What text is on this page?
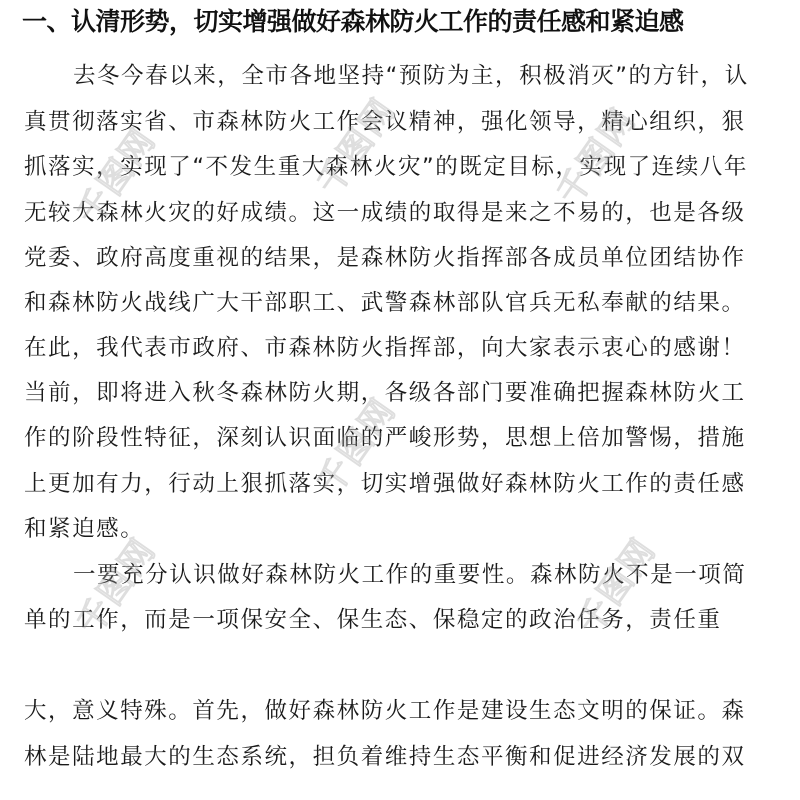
一、认清形势，切实增强做好森林防火工作的责任感和紧迫感
去冬今春以来，全市各地坚持“预防为主，积极消灭”的方针，认
真贯彻落实省、市森林防火工作会议精神，强化领导，精心组织，狠
抓落实，实现了“不发生重大森林火灾”的既定目标，实现了连续八年
无较大森林火灾的好成绩。这一成绩的取得是来之不易的，也是各级
党委、政府高度重视的结果，是森林防火指挥部各成员单位团结协作
和森林防火战线广大干部职工、武警森林部队官兵无私奉献的结果。
在此，我代表市政府、市森林防火指挥部，向大家表示衷心的感谢！
当前，即将进入秋冬森林防火期，各级各部门要准确把握森林防火工
作的阶段性特征，深刻认识面临的严峻形势，思想上倍加警惕，措施
上更加有力，行动上狠抓落实，切实增强做好森林防火工作的责任感
和紧迫感。
一要充分认识做好森林防火工作的重要性。森林防火不是一项简
单的工作，而是一项保安全、保生态、保稳定的政治任务，责任重
大，意义特殊。首先，做好森林防火工作是建设生态文明的保证。森
林是陆地最大的生态系统，担负着维持生态平衡和促进经济发展的双
千图网	千图网	千图网
千图网
千图网
千图网
